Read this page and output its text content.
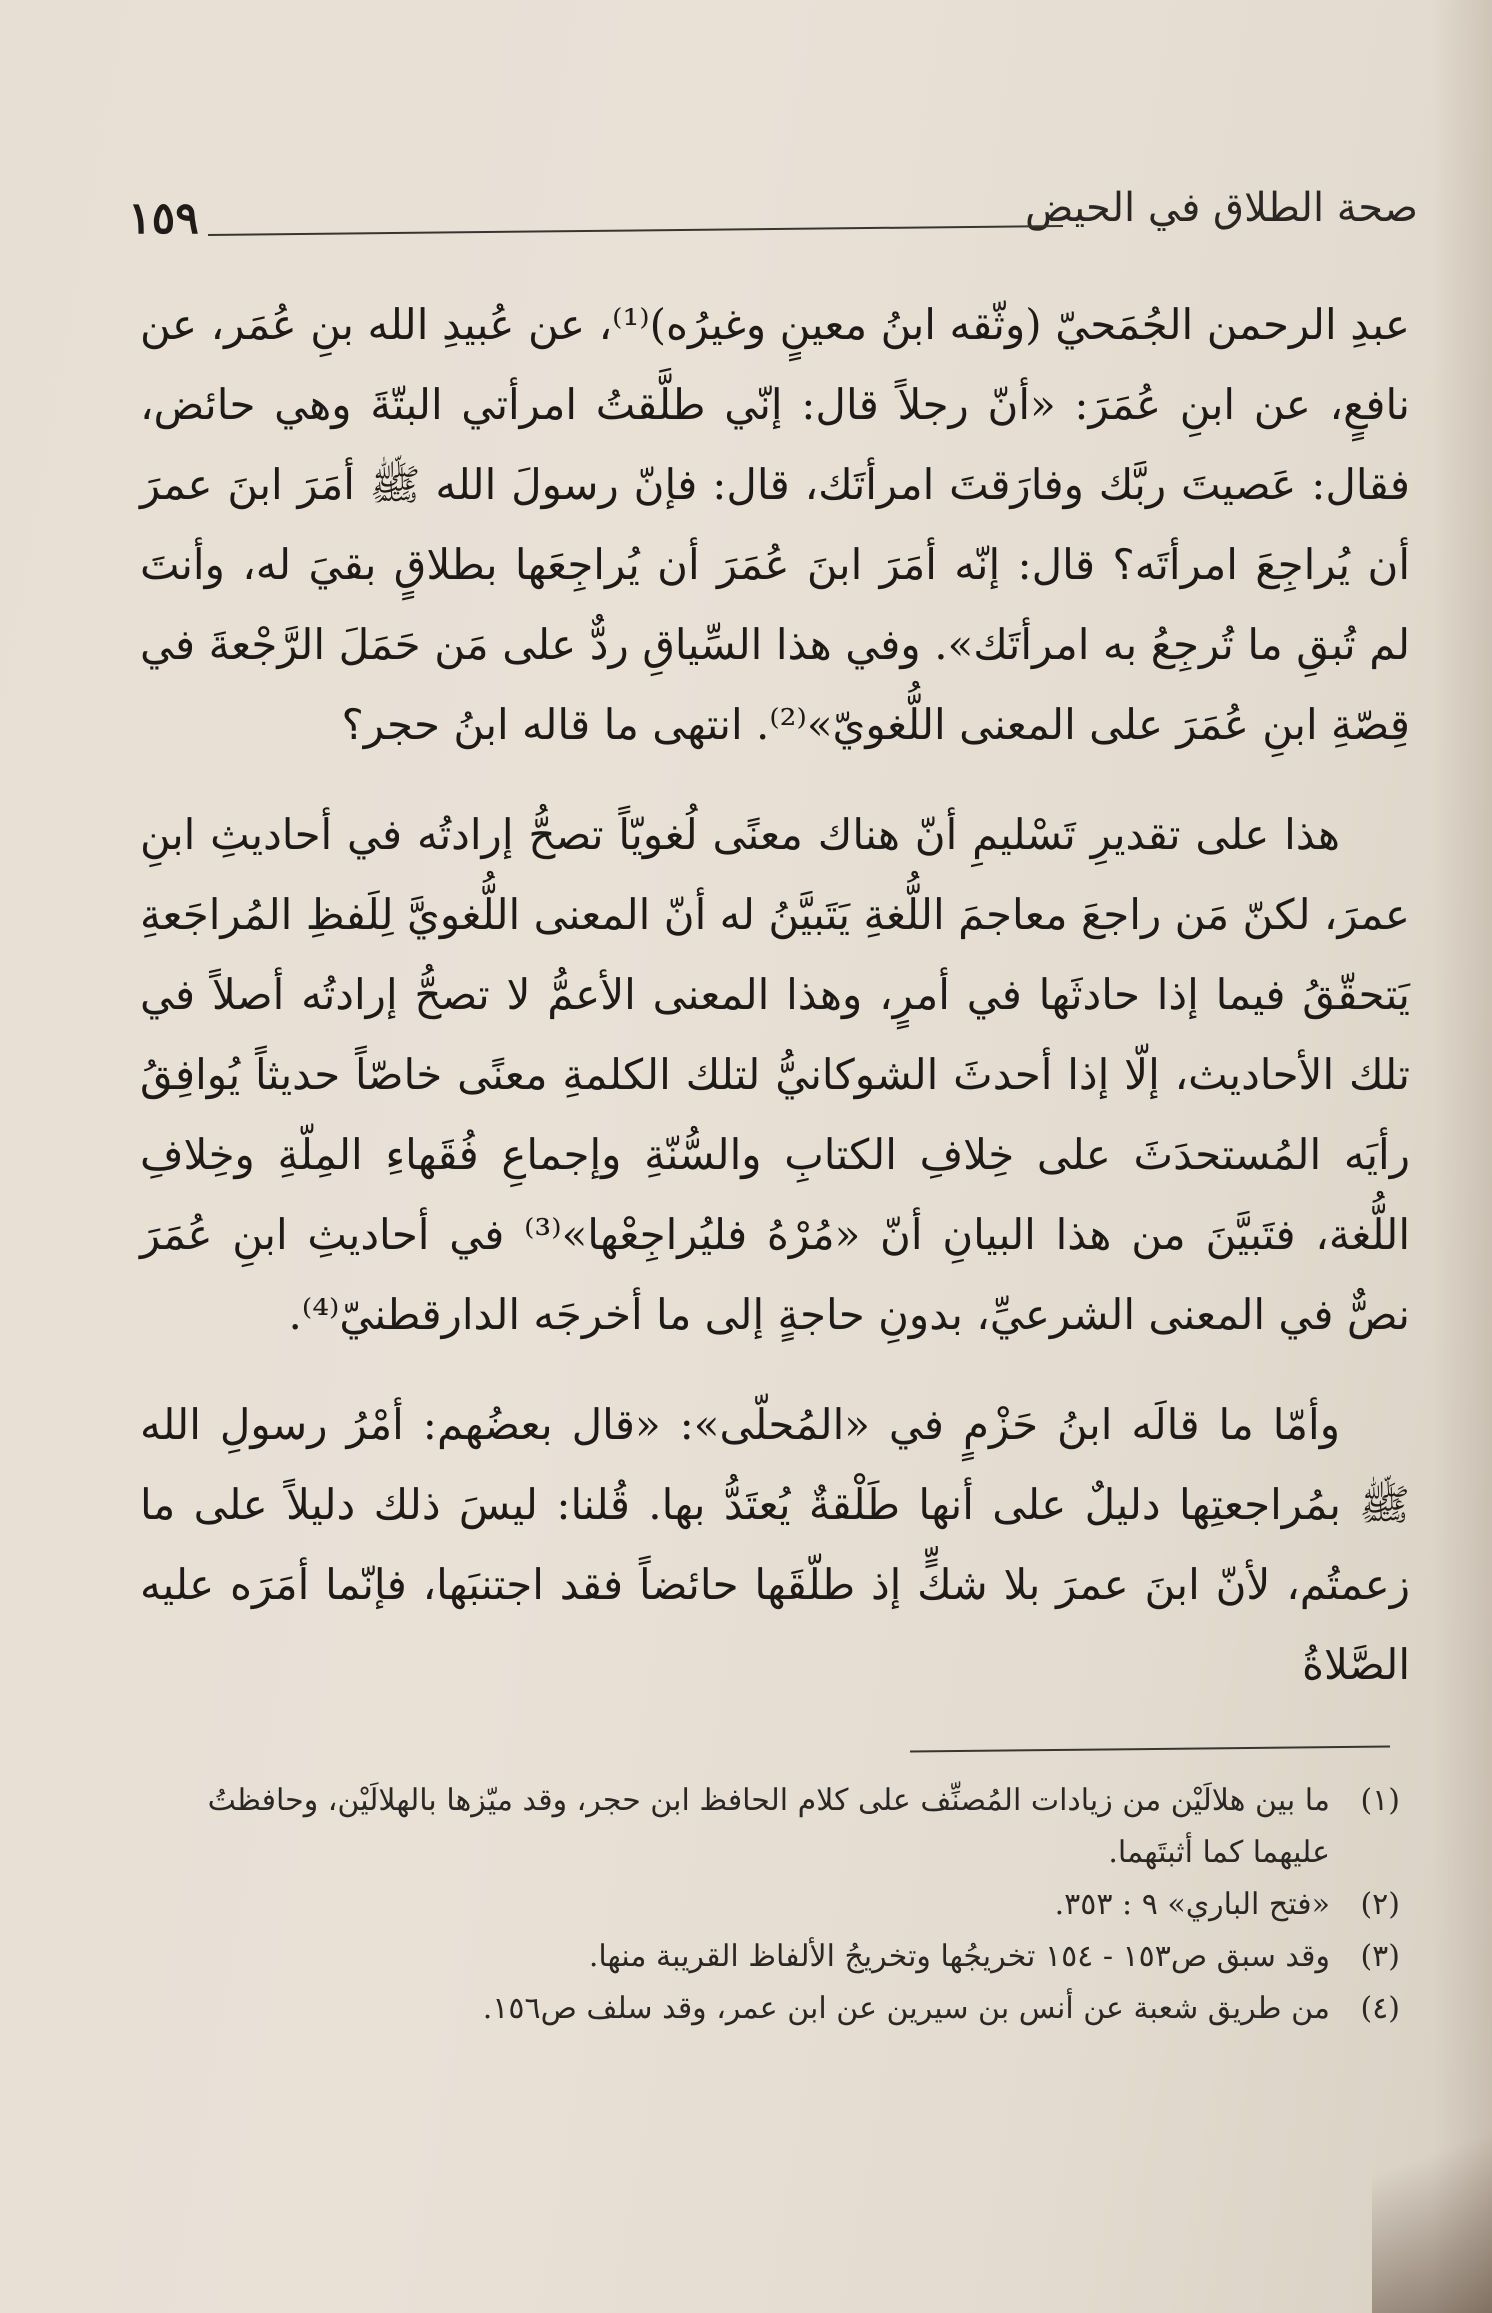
صحة الطلاق في الحيض
١٥٩

عبدِ الرحمن الجُمَحيّ (وثّقه ابنُ معينٍ وغيرُه)⁽¹⁾، عن عُبيدِ الله بنِ عُمَر، عن نافعٍ، عن ابنِ عُمَرَ: «أنّ رجلاً قال: إنّي طلَّقتُ امرأتي البتّةَ وهي حائض، فقال: عَصيتَ ربَّك وفارَقتَ امرأتَك، قال: فإنّ رسولَ الله ﷺ أمَرَ ابنَ عمرَ أن يُراجِعَ امرأتَه؟ قال: إنّه أمَرَ ابنَ عُمَرَ أن يُراجِعَها بطلاقٍ بقيَ له، وأنتَ لم تُبقِ ما تُرجِعُ به امرأتَك». وفي هذا السِّياقِ ردٌّ على مَن حَمَلَ الرَّجْعةَ في قِصّةِ ابنِ عُمَرَ على المعنى اللُّغويّ»⁽²⁾. انتهى ما قاله ابنُ حجر؟

هذا على تقديرِ تَسْليمِ أنّ هناك معنًى لُغويّاً تصحُّ إرادتُه في أحاديثِ ابنِ عمرَ، لكنّ مَن راجعَ معاجمَ اللُّغةِ يَتَبيَّنُ له أنّ المعنى اللُّغويَّ لِلَفظِ المُراجَعةِ يَتحقّقُ فيما إذا حادثَها في أمرٍ، وهذا المعنى الأعمُّ لا تصحُّ إرادتُه أصلاً في تلك الأحاديث، إلّا إذا أحدثَ الشوكانيُّ لتلك الكلمةِ معنًى خاصّاً حديثاً يُوافِقُ رأيَه المُستحدَثَ على خِلافِ الكتابِ والسُّنّةِ وإجماعِ فُقَهاءِ المِلّةِ وخِلافِ اللُّغة، فتَبيَّنَ من هذا البيانِ أنّ «مُرْهُ فليُراجِعْها»⁽³⁾ في أحاديثِ ابنِ عُمَرَ نصٌّ في المعنى الشرعيِّ، بدونِ حاجةٍ إلى ما أخرجَه الدارقطنيّ⁽⁴⁾.

وأمّا ما قالَه ابنُ حَزْمٍ في «المُحلّى»: «قال بعضُهم: أمْرُ رسولِ الله ﷺ بمُراجعتِها دليلٌ على أنها طَلْقةٌ يُعتَدُّ بها. قُلنا: ليسَ ذلك دليلاً على ما زعمتُم، لأنّ ابنَ عمرَ بلا شكٍّ إذ طلّقَها حائضاً فقد اجتنبَها، فإنّما أمَرَه عليه الصَّلاةُ

(١)ما بين هلالَيْن من زيادات المُصنِّف على كلام الحافظ ابن حجر، وقد ميّزها بالهلالَيْن، وحافظتُ عليهما كما أثبتَهما.

(٢)«فتح الباري» ٩ : ٣٥٣.

(٣)وقد سبق ص١٥٣ - ١٥٤ تخريجُها وتخريجُ الألفاظ القريبة منها.

(٤)من طريق شعبة عن أنس بن سيرين عن ابن عمر، وقد سلف ص١٥٦.
